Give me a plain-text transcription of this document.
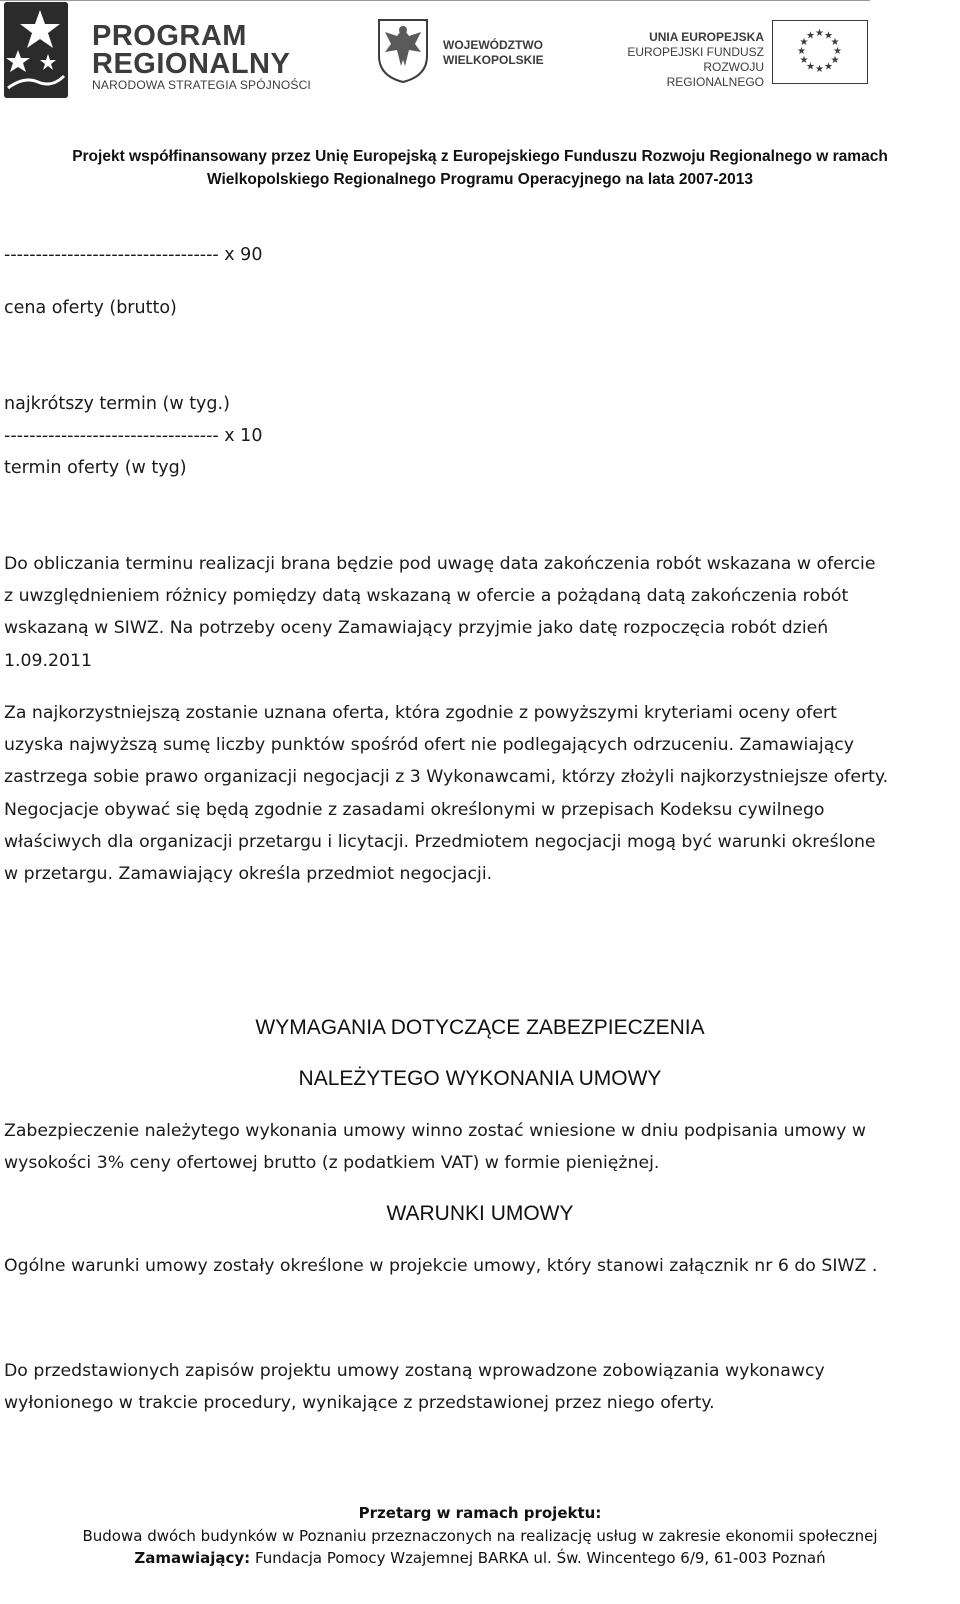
PROGRAM
REGIONALNY
NARODOWA STRATEGIA SPÓJNOŚCI
WOJEWÓDZTWO
WIELKOPOLSKIE
UNIA EUROPEJSKA
EUROPEJSKI FUNDUSZ
ROZWOJU REGIONALNEGO
★ ★
★
★
★
★
★
★
★
★
★
★
Projekt współfinansowany przez Unię Europejską z Europejskiego Funduszu Rozwoju Regionalnego w ramach
Wielkopolskiego Regionalnego Programu Operacyjnego na lata 2007-2013
---------------------------------- x 90
cena oferty (brutto)
najkrótszy termin (w tyg.)
---------------------------------- x 10
termin oferty (w tyg)
Do obliczania terminu realizacji brana będzie pod uwagę data zakończenia robót wskazana w ofercie
z uwzględnieniem różnicy pomiędzy datą wskazaną w ofercie a pożądaną datą zakończenia robót
wskazaną w SIWZ. Na potrzeby oceny Zamawiający przyjmie jako datę rozpoczęcia robót dzień
1.09.2011
Za najkorzystniejszą zostanie uznana oferta, która zgodnie z powyższymi kryteriami oceny ofert
uzyska najwyższą sumę liczby punktów spośród ofert nie podlegających odrzuceniu. Zamawiający
zastrzega sobie prawo organizacji negocjacji z 3 Wykonawcami, którzy złożyli najkorzystniejsze oferty.
Negocjacje obywać się będą zgodnie z zasadami określonymi w przepisach Kodeksu cywilnego
właściwych dla organizacji przetargu i licytacji. Przedmiotem negocjacji mogą być warunki określone
w przetargu. Zamawiający określa przedmiot negocjacji.
WYMAGANIA DOTYCZĄCE ZABEZPIECZENIA
NALEŻYTEGO WYKONANIA UMOWY
Zabezpieczenie należytego wykonania umowy winno zostać wniesione w dniu podpisania umowy w
wysokości 3% ceny ofertowej brutto (z podatkiem VAT) w formie pieniężnej.
WARUNKI UMOWY
Ogólne warunki umowy zostały określone w projekcie umowy, który stanowi załącznik nr 6 do SIWZ .
Do przedstawionych zapisów projektu umowy zostaną wprowadzone zobowiązania wykonawcy
wyłonionego w trakcie procedury, wynikające z przedstawionej przez niego oferty.
Przetarg w ramach projektu:
Budowa dwóch budynków w Poznaniu przeznaczonych na realizację usług w zakresie ekonomii społecznej
Zamawiający: Fundacja Pomocy Wzajemnej BARKA ul. Św. Wincentego 6/9, 61-003 Poznań
